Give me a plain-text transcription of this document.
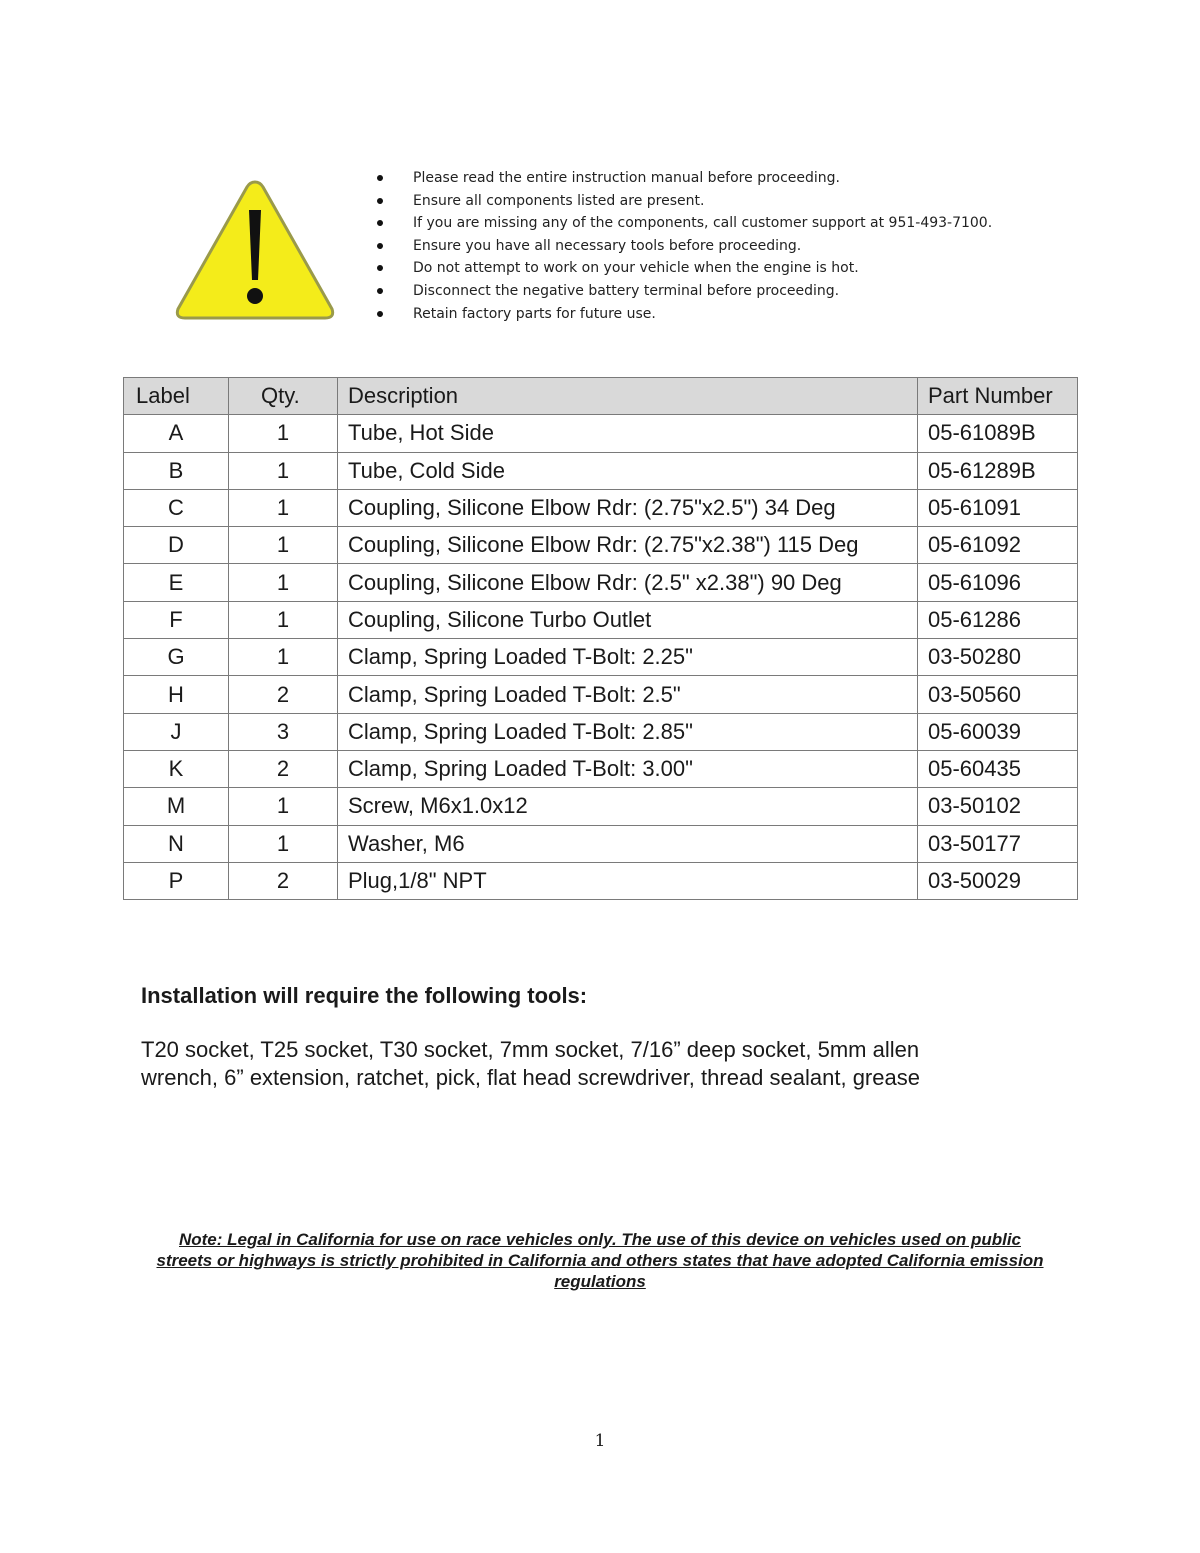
Please read the entire instruction manual before proceeding.
Ensure all components listed are present.
If you are missing any of the components, call customer support at 951-493-7100.
Ensure you have all necessary tools before proceeding.
Do not attempt to work on your vehicle when the engine is hot.
Disconnect the negative battery terminal before proceeding.
Retain factory parts for future use.
Label	Qty.	Description	Part Number
A	1	Tube, Hot Side	05-61089B
B	1	Tube, Cold Side	05-61289B
C	1	Coupling, Silicone Elbow Rdr: (2.75"x2.5") 34 Deg	05-61091
D	1	Coupling, Silicone Elbow Rdr: (2.75"x2.38") 115 Deg	05-61092
E	1	Coupling, Silicone Elbow Rdr: (2.5" x2.38") 90 Deg	05-61096
F	1	Coupling, Silicone Turbo Outlet	05-61286
G	1	Clamp, Spring Loaded T-Bolt: 2.25"	03-50280
H	2	Clamp, Spring Loaded T-Bolt: 2.5"	03-50560
J	3	Clamp, Spring Loaded T-Bolt: 2.85"	05-60039
K	2	Clamp, Spring Loaded T-Bolt: 3.00"	05-60435
M	1	Screw, M6x1.0x12	03-50102
N	1	Washer, M6	03-50177
P	2	Plug,1/8" NPT	03-50029
Installation will require the following tools:

T20 socket, T25 socket, T30 socket, 7mm socket, 7/16” deep socket, 5mm allen wrench, 6” extension, ratchet, pick, flat head screwdriver, thread sealant, grease

Note: Legal in California for use on race vehicles only. The use of this device on vehicles used on public streets or highways is strictly prohibited in California and others states that have adopted California emission regulations

1
